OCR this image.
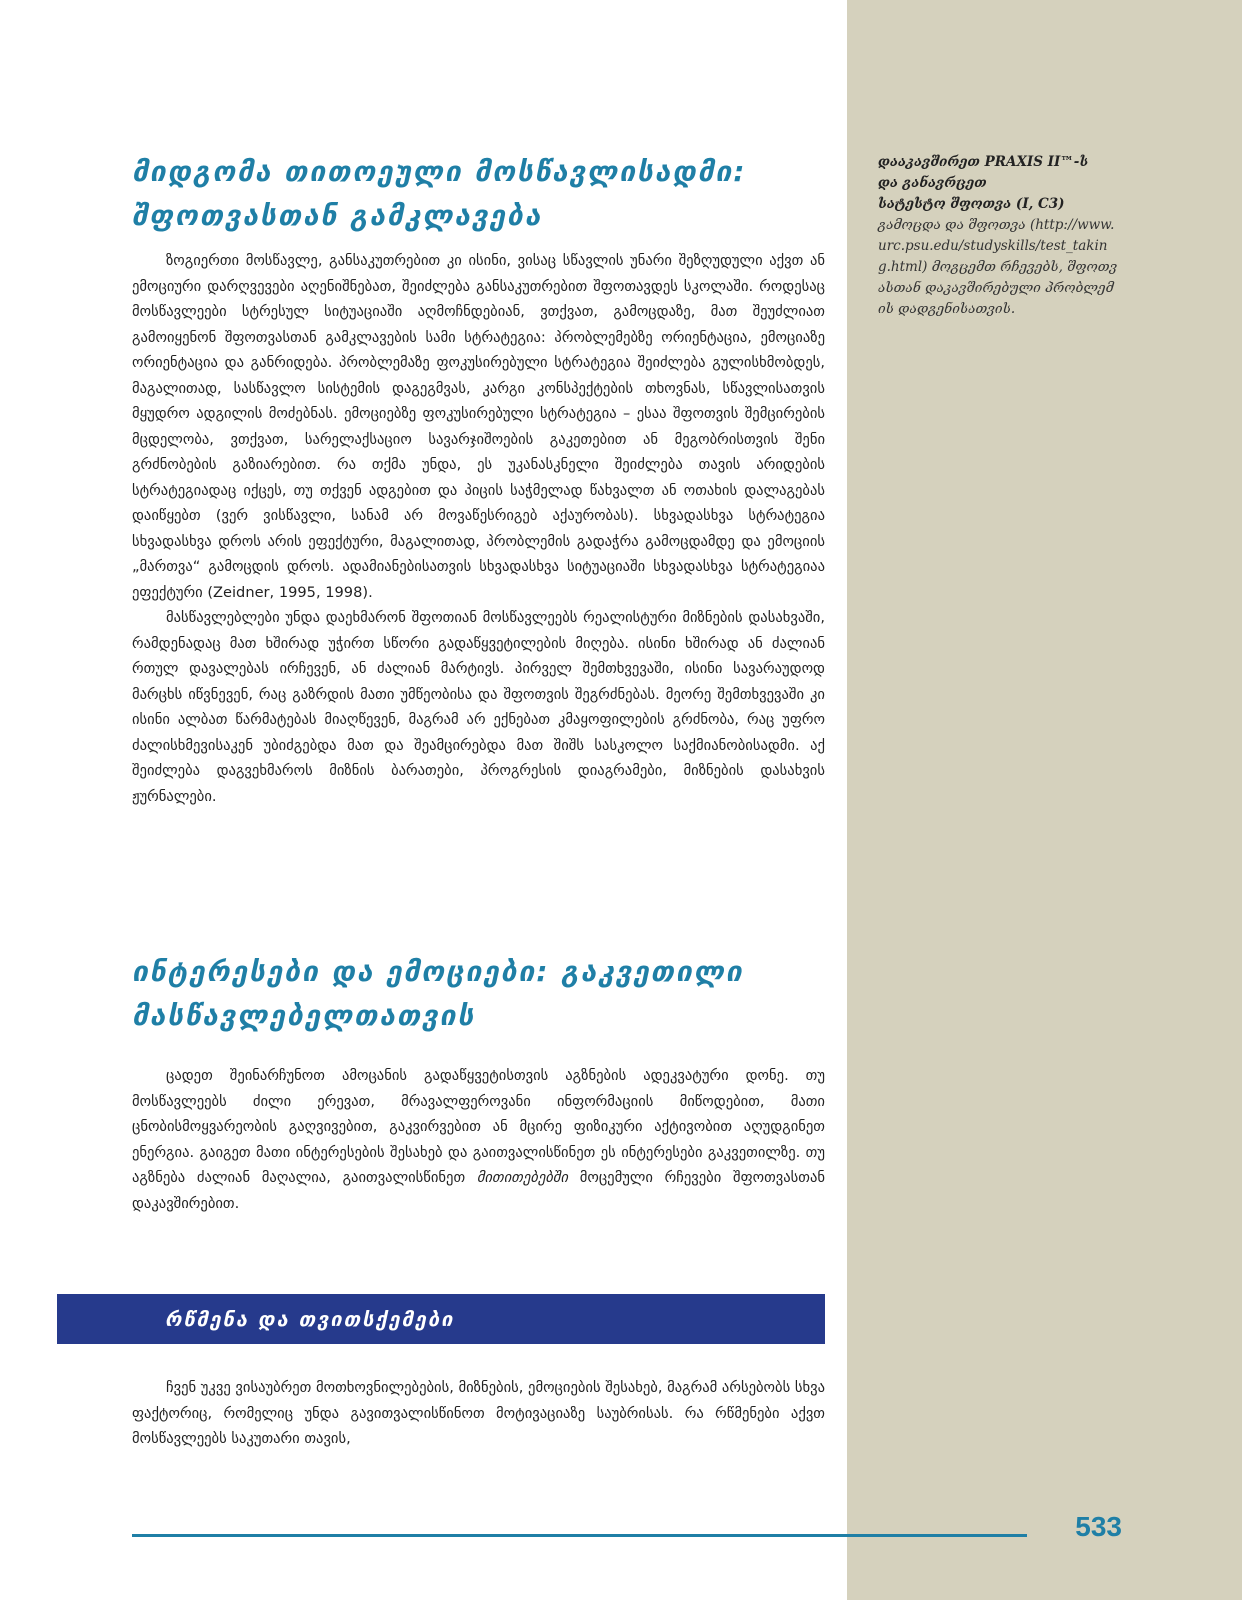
დააკავშირეთ PRAXIS II™-ს
და განავრცეთ
სატესტო შფოთვა (I, C3)
გამოცდა და შფოთვა (http://www.urc.psu.edu/studyskills/test_taking.html) მოგცემთ რჩევებს, შფოთვასთან დაკავშირებული პრობლემის დადგენისათვის.
მიდგომა თითოეული მოსწავლისადმი:
შფოთვასთან გამკლავება

ზოგიერთი მოსწავლე, განსაკუთრებით კი ისინი, ვისაც სწავლის უნარი შეზღუდული აქვთ ან ემოციური დარღვევები აღენიშნებათ, შეიძლება განსაკუთრებით შფოთავდეს სკოლაში. როდესაც მოსწავლეები სტრესულ სიტუაციაში აღმოჩნდებიან, ვთქვათ, გამოცდაზე, მათ შეუძლიათ გამოიყენონ შფოთვასთან გამკლავების სამი სტრატეგია: პრობლემებზე ორიენტაცია, ემოციაზე ორიენტაცია და განრიდება. პრობლემაზე ფოკუსირებული სტრატეგია შეიძლება გულისხმობდეს, მაგალითად, სასწავლო სისტემის დაგეგმვას, კარგი კონსპექტების თხოვნას, სწავლისათვის მყუდრო ადგილის მოძებნას. ემოციებზე ფოკუსირებული სტრატეგია – ესაა შფოთვის შემცირების მცდელობა, ვთქვათ, სარელაქსაციო სავარჯიშოების გაკეთებით ან მეგობრისთვის შენი გრძნობების გაზიარებით. რა თქმა უნდა, ეს უკანასკნელი შეიძლება თავის არიდების სტრატეგიადაც იქცეს, თუ თქვენ ადგებით და პიცის საჭმელად წახვალთ ან ოთახის დალაგებას დაიწყებთ (ვერ ვისწავლი, სანამ არ მოვაწესრიგებ აქაურობას). სხვადასხვა სტრატეგია სხვადასხვა დროს არის ეფექტური, მაგალითად, პრობლემის გადაჭრა გამოცდამდე და ემოციის „მართვა“ გამოცდის დროს. ადამიანებისათვის სხვადასხვა სიტუაციაში სხვადასხვა სტრატეგიაა ეფექტური (Zeidner, 1995, 1998).

მასწავლებლები უნდა დაეხმარონ შფოთიან მოსწავლეებს რეალისტური მიზნების დასახვაში, რამდენადაც მათ ხშირად უჭირთ სწორი გადაწყვეტილების მიღება. ისინი ხშირად ან ძალიან რთულ დავალებას ირჩევენ, ან ძალიან მარტივს. პირველ შემთხვევაში, ისინი სავარაუდოდ მარცხს იწვნევენ, რაც გაზრდის მათი უმწეობისა და შფოთვის შეგრძნებას. მეორე შემთხვევაში კი ისინი ალბათ წარმატებას მიაღწევენ, მაგრამ არ ექნებათ კმაყოფილების გრძნობა, რაც უფრო ძალისხმევისაკენ უბიძგებდა მათ და შეამცირებდა მათ შიშს სასკოლო საქმიანობისადმი. აქ შეიძლება დაგვეხმაროს მიზნის ბარათები, პროგრესის დიაგრამები, მიზნების დასახვის ჟურნალები.

ინტერესები და ემოციები: გაკვეთილი
მასწავლებელთათვის

ცადეთ შეინარჩუნოთ ამოცანის გადაწყვეტისთვის აგზნების ადეკვატური დონე. თუ მოსწავლეებს ძილი ერევათ, მრავალფეროვანი ინფორმაციის მიწოდებით, მათი ცნობისმოყვარეობის გაღვივებით, გაკვირვებით ან მცირე ფიზიკური აქტივობით აღუდგინეთ ენერგია. გაიგეთ მათი ინტერესების შესახებ და გაითვალისწინეთ ეს ინტერესები გაკვეთილზე. თუ აგზნება ძალიან მაღალია, გაითვალისწინეთ მითითებებში მოცემული რჩევები შფოთვასთან დაკავშირებით.

რწმენა და თვითსქემები

ჩვენ უკვე ვისაუბრეთ მოთხოვნილებების, მიზნების, ემოციების შესახებ, მაგრამ არსებობს სხვა ფაქტორიც, რომელიც უნდა გავითვალისწინოთ მოტივაციაზე საუბრისას. რა რწმენები აქვთ მოსწავლეებს საკუთარი თავის,

533
